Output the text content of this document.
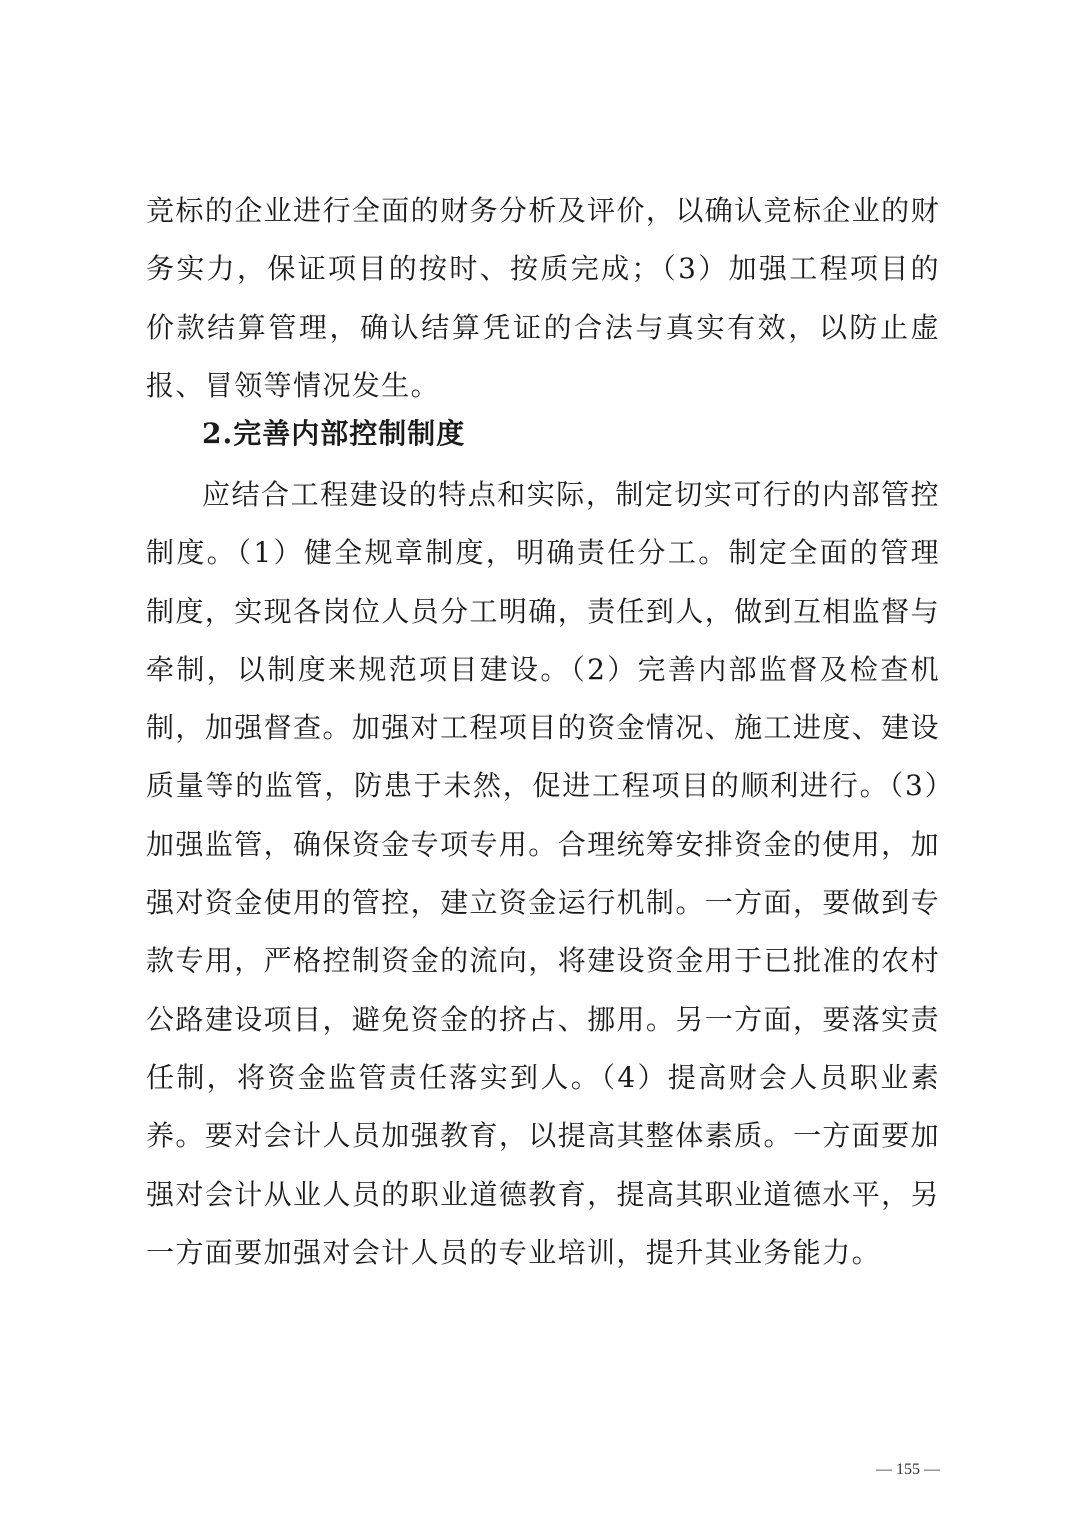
竞标的企业进行全面的财务分析及评价，以确认竞标企业的财务实力，保证项目的按时、按质完成；（3）加强工程项目的价款结算管理，确认结算凭证的合法与真实有效，以防止虚报、冒领等情况发生。

2.完善内部控制制度

应结合工程建设的特点和实际，制定切实可行的内部管控制度。（1）健全规章制度，明确责任分工。制定全面的管理制度，实现各岗位人员分工明确，责任到人，做到互相监督与牵制，以制度来规范项目建设。（2）完善内部监督及检查机制，加强督查。加强对工程项目的资金情况、施工进度、建设质量等的监管，防患于未然，促进工程项目的顺利进行。（3）加强监管，确保资金专项专用。合理统筹安排资金的使用，加强对资金使用的管控，建立资金运行机制。一方面，要做到专款专用，严格控制资金的流向，将建设资金用于已批准的农村公路建设项目，避免资金的挤占、挪用。另一方面，要落实责任制，将资金监管责任落实到人。（4）提高财会人员职业素养。要对会计人员加强教育，以提高其整体素质。一方面要加强对会计从业人员的职业道德教育，提高其职业道德水平，另一方面要加强对会计人员的专业培训，提升其业务能力。

— 155 —
